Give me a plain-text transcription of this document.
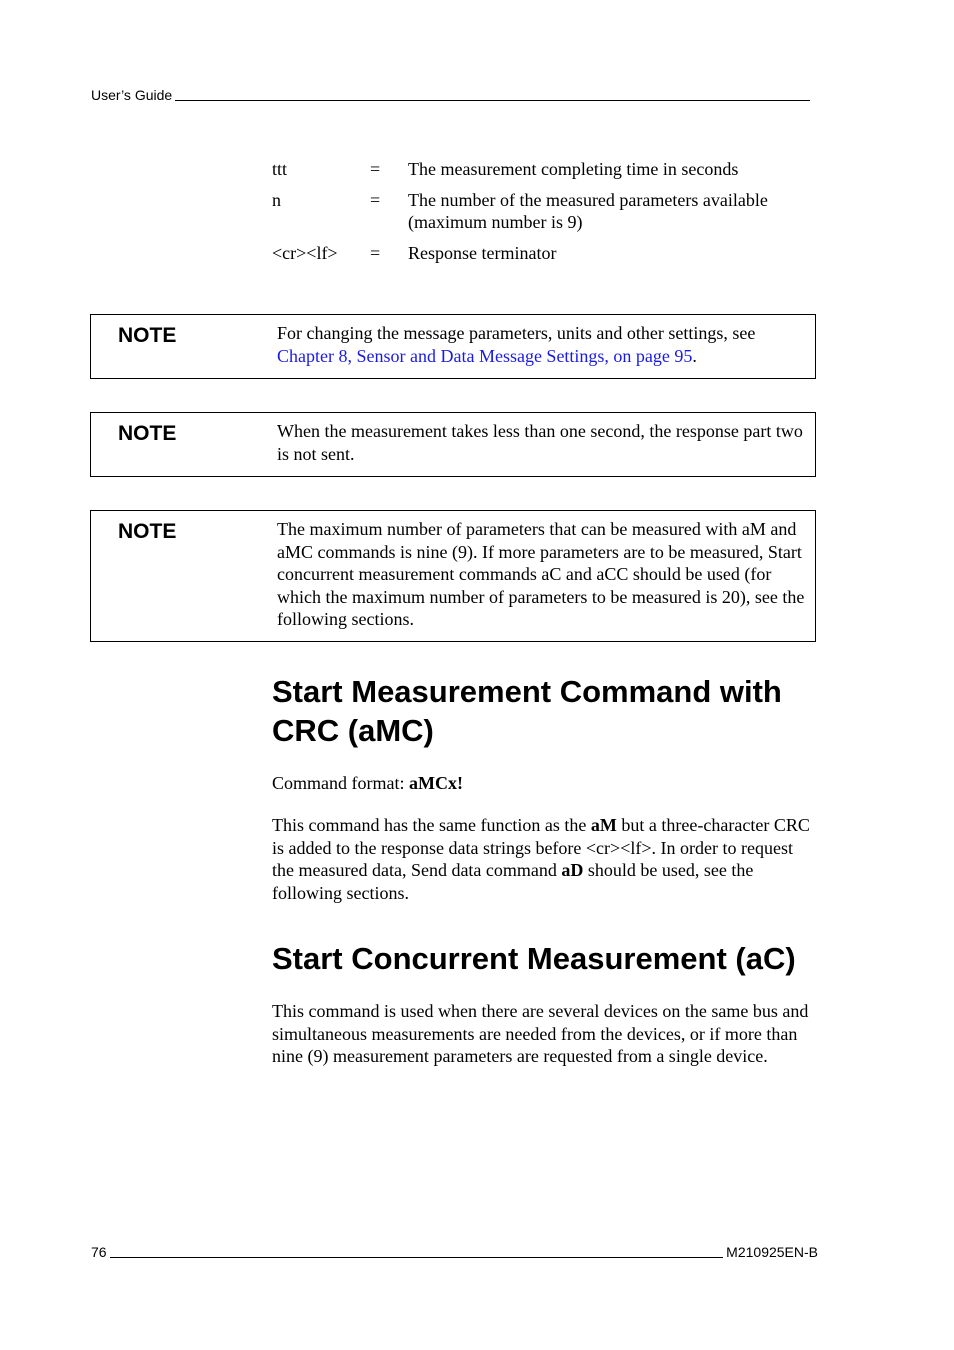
User’s Guide
ttt	=	The measurement completing time in seconds
n	=	The number of the measured parameters available
(maximum number is 9)
<cr><lf>	=	Response terminator
NOTE	For changing the message parameters, units and other settings, see Chapter 8, Sensor and Data Message Settings, on page 95.
NOTE	When the measurement takes less than one second, the response part two is not sent.
NOTE	The maximum number of parameters that can be measured with aM and aMC commands is nine (9). If more parameters are to be measured, Start concurrent measurement commands aC and aCC should be used (for which the maximum number of parameters to be measured is 20), see the following sections.
Start Measurement Command with CRC (aMC)

Command format: aMCx!

This command has the same function as the aM but a three-character CRC is added to the response data strings before <cr><lf>. In order to request the measured data, Send data command aD should be used, see the following sections.

Start Concurrent Measurement (aC)

This command is used when there are several devices on the same bus and simultaneous measurements are needed from the devices, or if more than nine (9) measurement parameters are requested from a single device.

76	M210925EN-B
